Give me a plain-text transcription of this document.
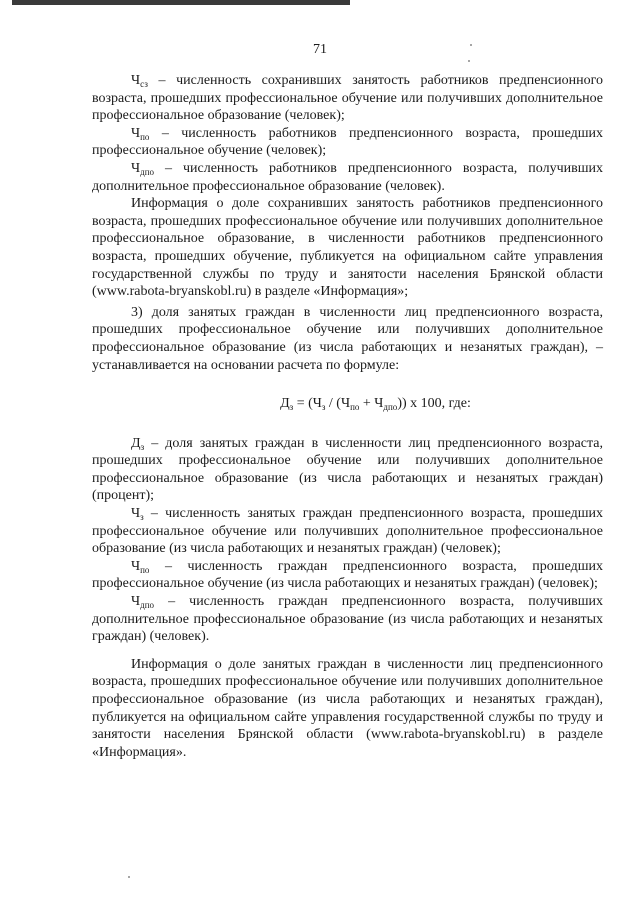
71

$Ч_{сз}$ – численность сохранивших занятость работников предпенсионного возраста, прошедших профессиональное обучение или получивших дополнительное профессиональное образование (человек);

$Ч_{по}$ – численность работников предпенсионного возраста, прошедших профессиональное обучение (человек);

$Ч_{дпо}$ – численность работников предпенсионного возраста, получивших дополнительное профессиональное образование (человек).

Информация о доле сохранивших занятость работников предпенсионного возраста, прошедших профессиональное обучение или получивших дополнительное профессиональное образование, в численности работников предпенсионного возраста, прошедших обучение, публикуется на официальном сайте управления государственной службы по труду и занятости населения Брянской области (www.rabota-bryanskobl.ru) в разделе «Информация»;

3) доля занятых граждан в численности лиц предпенсионного возраста, прошедших профессиональное обучение или получивших дополнительное профессиональное образование (из числа работающих и незанятых граждан), – устанавливается на основании расчета по формуле:

$Д_з = (Ч_з / (Ч_{по} + Ч_{дпо}))$ x 100, где:

$Д_з$ – доля занятых граждан в численности лиц предпенсионного возраста, прошедших профессиональное обучение или получивших дополнительное профессиональное образование (из числа работающих и незанятых граждан) (процент);

$Ч_з$ – численность занятых граждан предпенсионного возраста, прошедших профессиональное обучение или получивших дополнительное профессиональное образование (из числа работающих и незанятых граждан) (человек);

$Ч_{по}$ – численность граждан предпенсионного возраста, прошедших профессиональное обучение (из числа работающих и незанятых граждан) (человек);

$Ч_{дпо}$ – численность граждан предпенсионного возраста, получивших дополнительное профессиональное образование (из числа работающих и незанятых граждан) (человек).

Информация о доле занятых граждан в численности лиц предпенсионного возраста, прошедших профессиональное обучение или получивших дополнительное профессиональное образование (из числа работающих и незанятых граждан), публикуется на официальном сайте управления государственной службы по труду и занятости населения Брянской области (www.rabota-bryanskobl.ru) в разделе «Информация».
